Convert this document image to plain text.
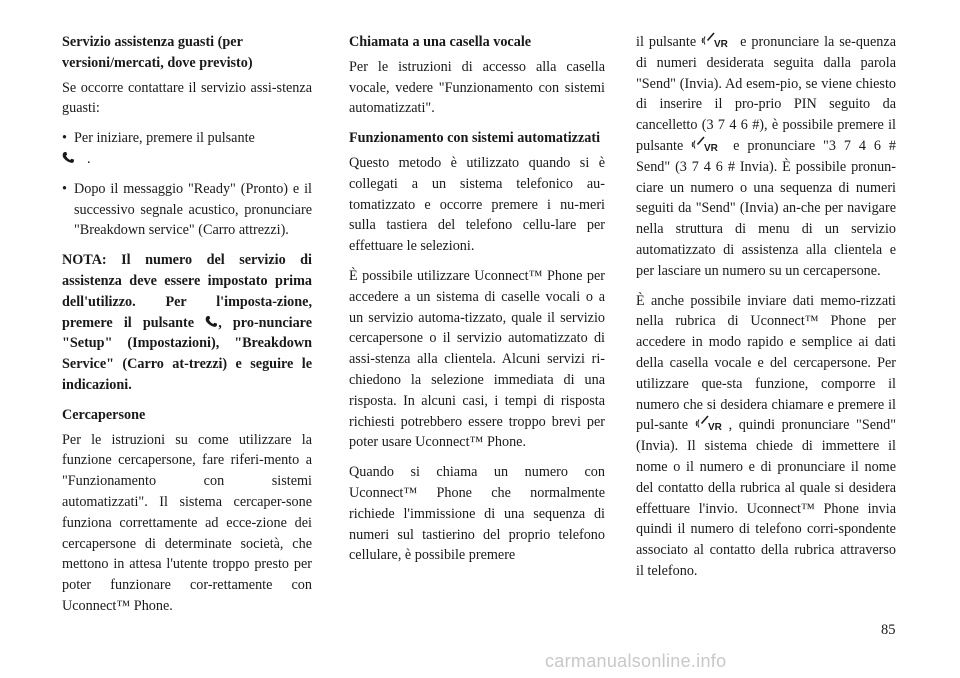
Servizio assistenza guasti (per versioni/mercati, dove previsto)

Se occorre contattare il servizio assi-stenza guasti:

• Per iniziare, premere il pulsante
.

• Dopo il messaggio "Ready" (Pronto) e il successivo segnale acustico, pronunciare "Breakdown service" (Carro attrezzi).

NOTA: Il numero del servizio di assistenza deve essere impostato prima dell'utilizzo. Per l'imposta-zione, premere il pulsante , pro-nunciare "Setup" (Impostazioni), "Breakdown Service" (Carro at-trezzi) e seguire le indicazioni.

Cercapersone

Per le istruzioni su come utilizzare la funzione cercapersone, fare riferi-mento a "Funzionamento con sistemi automatizzati". Il sistema cercaper-sone funziona correttamente ad ecce-zione dei cercapersone di determinate società, che mettono in attesa l'utente troppo presto per poter funzionare cor-rettamente con Uconnect™ Phone.

Chiamata a una casella vocale

Per le istruzioni di accesso alla casella vocale, vedere "Funzionamento con sistemi automatizzati".

Funzionamento con sistemi automatizzati

Questo metodo è utilizzato quando si è collegati a un sistema telefonico au-tomatizzato e occorre premere i nu-meri sulla tastiera del telefono cellu-lare per effettuare le selezioni.

È possibile utilizzare Uconnect™ Phone per accedere a un sistema di caselle vocali o a un servizio automa-tizzato, quale il servizio cercapersone o il servizio automatizzato di assi-stenza alla clientela. Alcuni servizi ri-chiedono la selezione immediata di una risposta. In alcuni casi, i tempi di risposta richiesti potrebbero essere troppo brevi per poter usare Uconnect™ Phone.

Quando si chiama un numero con Uconnect™ Phone che normalmente richiede l'immissione di una sequenza di numeri sul tastierino del proprio telefono cellulare, è possibile premere

il pulsante VR e pronunciare la se-quenza di numeri desiderata seguita dalla parola "Send" (Invia). Ad esem-pio, se viene chiesto di inserire il pro-prio PIN seguito da cancelletto (3 7 4 6 #), è possibile premere il pulsante VR e pronunciare "3 7 4 6 # Send" (3 7 4 6 # Invia). È possibile pronun-ciare un numero o una sequenza di numeri seguiti da "Send" (Invia) an-che per navigare nella struttura di menu di un servizio automatizzato di assistenza alla clientela e per lasciare un numero su un cercapersone.

È anche possibile inviare dati memo-rizzati nella rubrica di Uconnect™ Phone per accedere in modo rapido e semplice ai dati della casella vocale e del cercapersone. Per utilizzare que-sta funzione, comporre il numero che si desidera chiamare e premere il pul-sante VR , quindi pronunciare "Send" (Invia). Il sistema chiede di immettere il nome o il numero e di pronunciare il nome del contatto della rubrica al quale si desidera effettuare l'invio. Uconnect™ Phone invia quindi il numero di telefono corri-spondente associato al contatto della rubrica attraverso il telefono.

85
carmanualsonline.info
